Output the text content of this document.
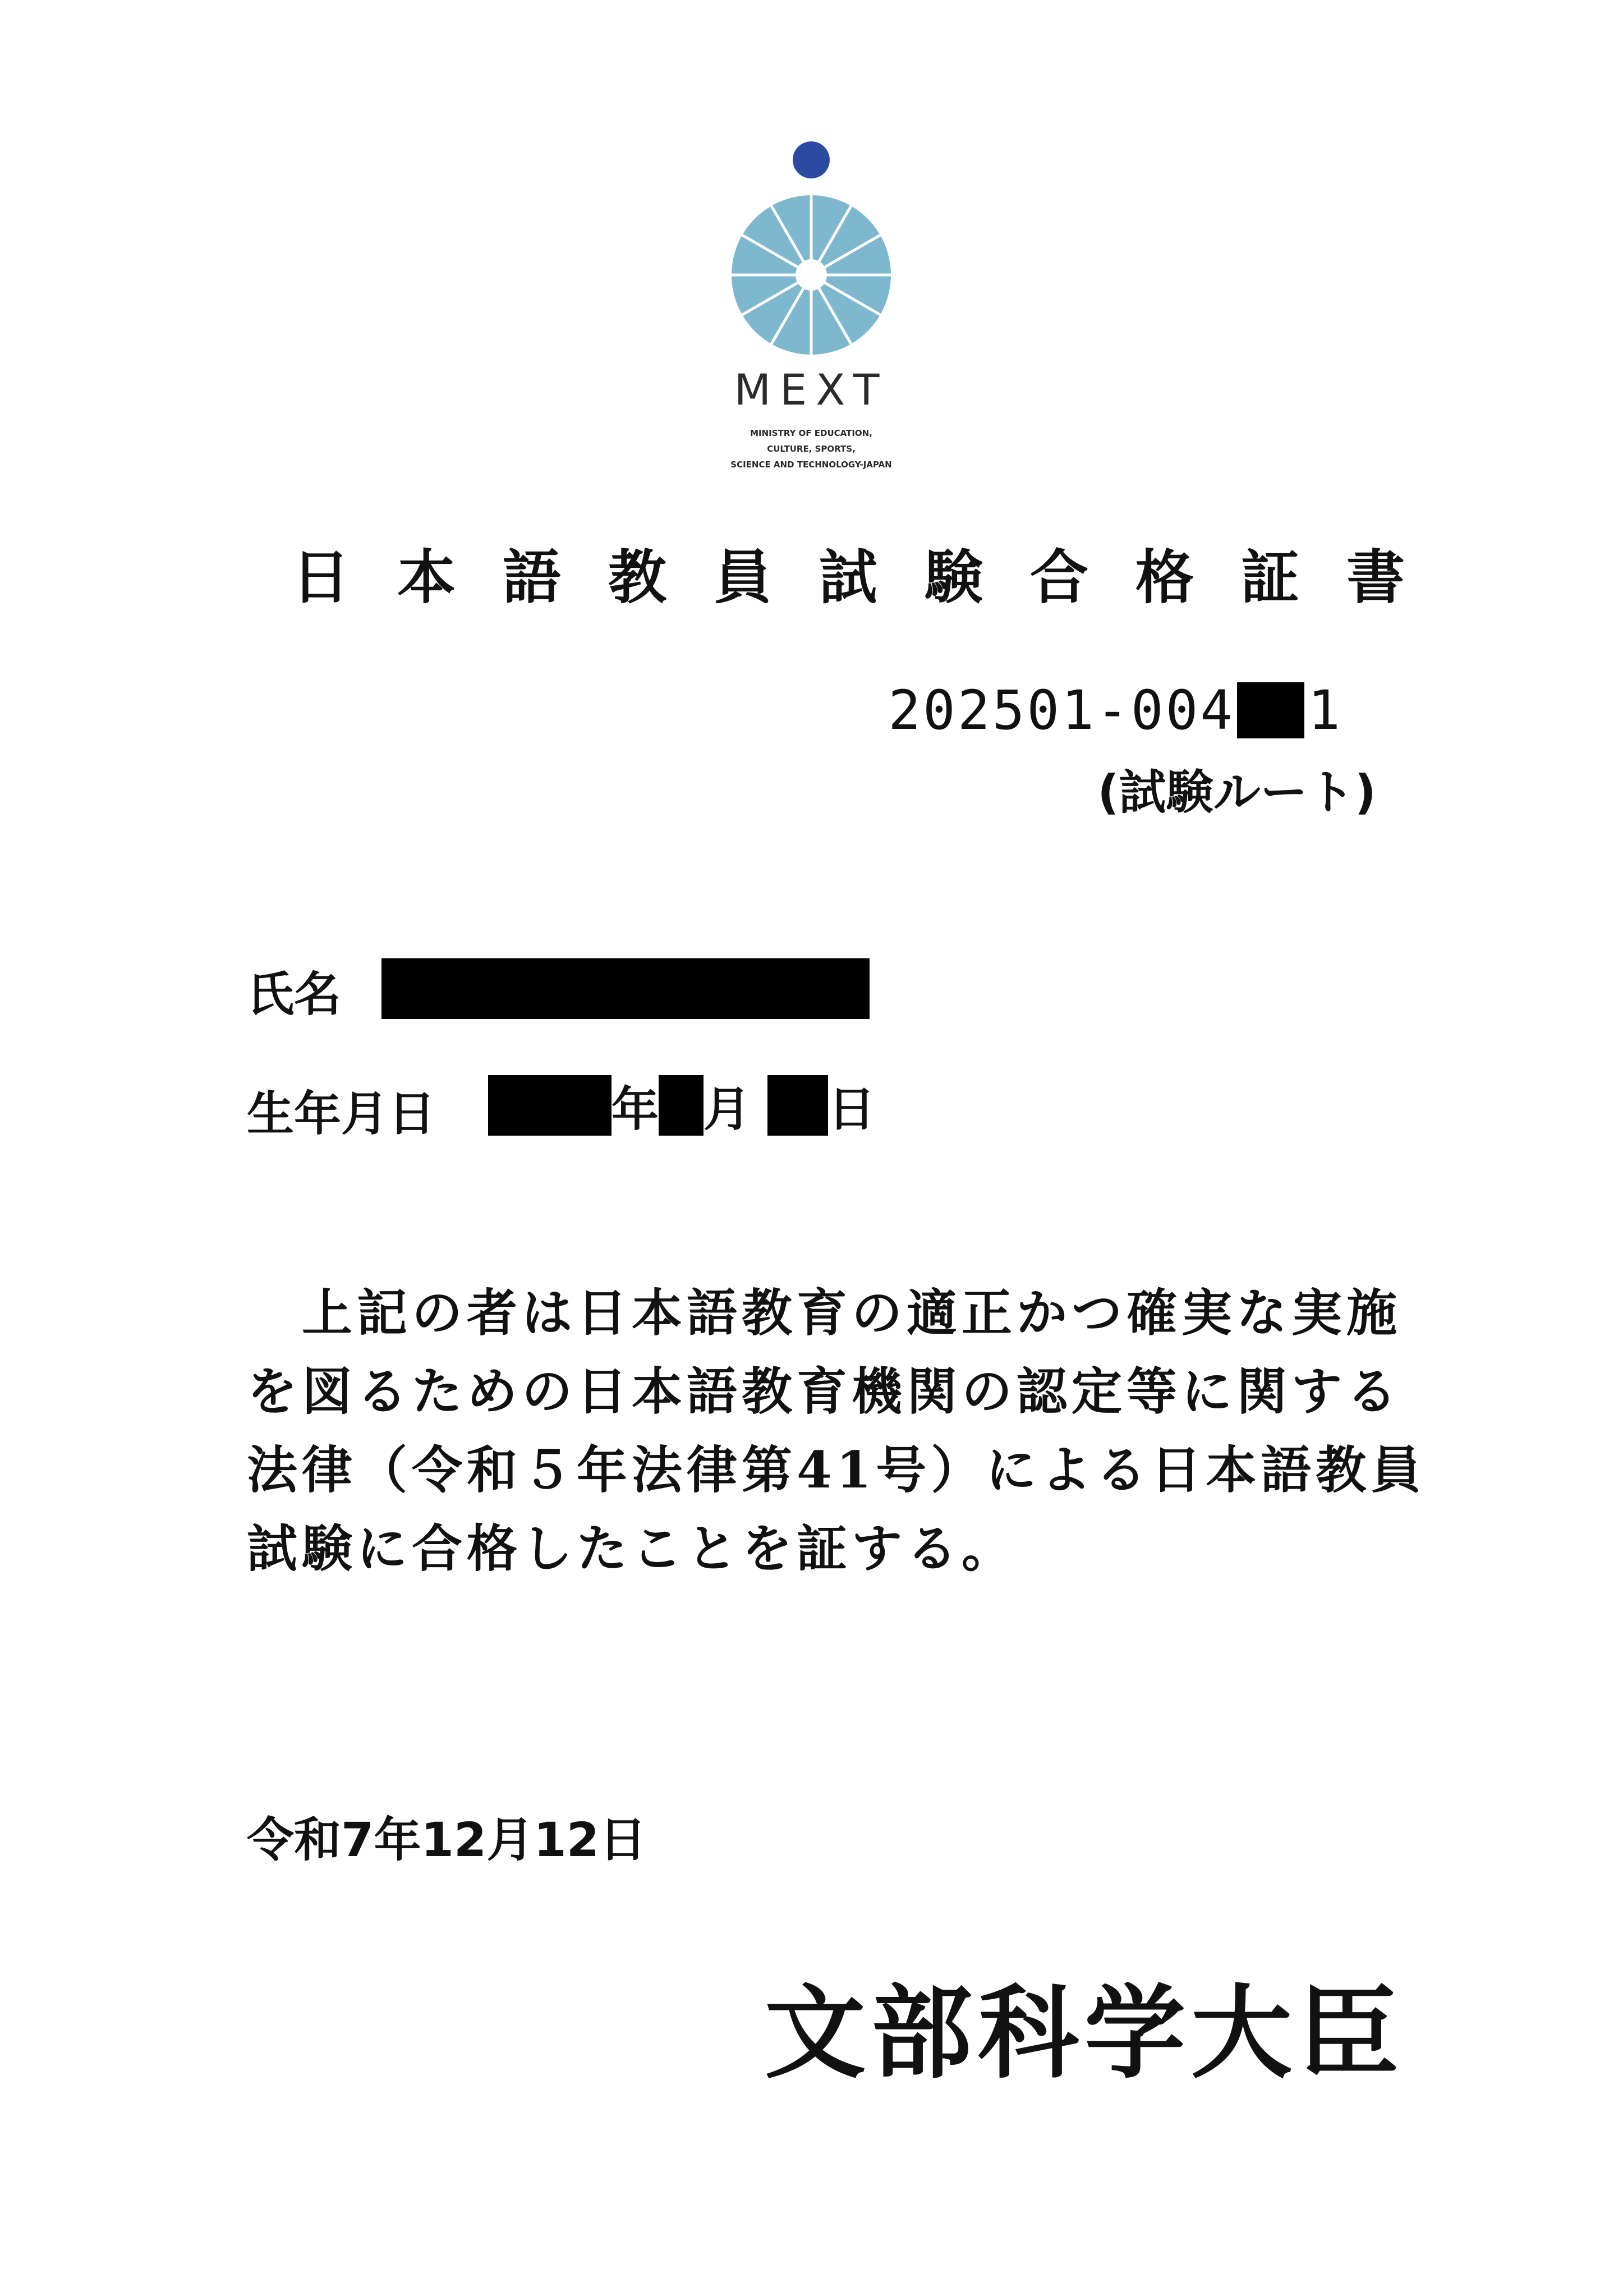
MEXT
MINISTRY OF EDUCATION,
CULTURE, SPORTS,
SCIENCE AND TECHNOLOGY-JAPAN
日本語教員試験合格証書
202501-004 1
(試験ルート)
氏名
生年月日	年 月 日
　上記の者は日本語教育の適正かつ確実な実施
を図るための日本語教育機関の認定等に関する
法律（令和５年法律第41号）による日本語教員
試験に合格したことを証する。
令和7年12月12日
文部科学大臣
